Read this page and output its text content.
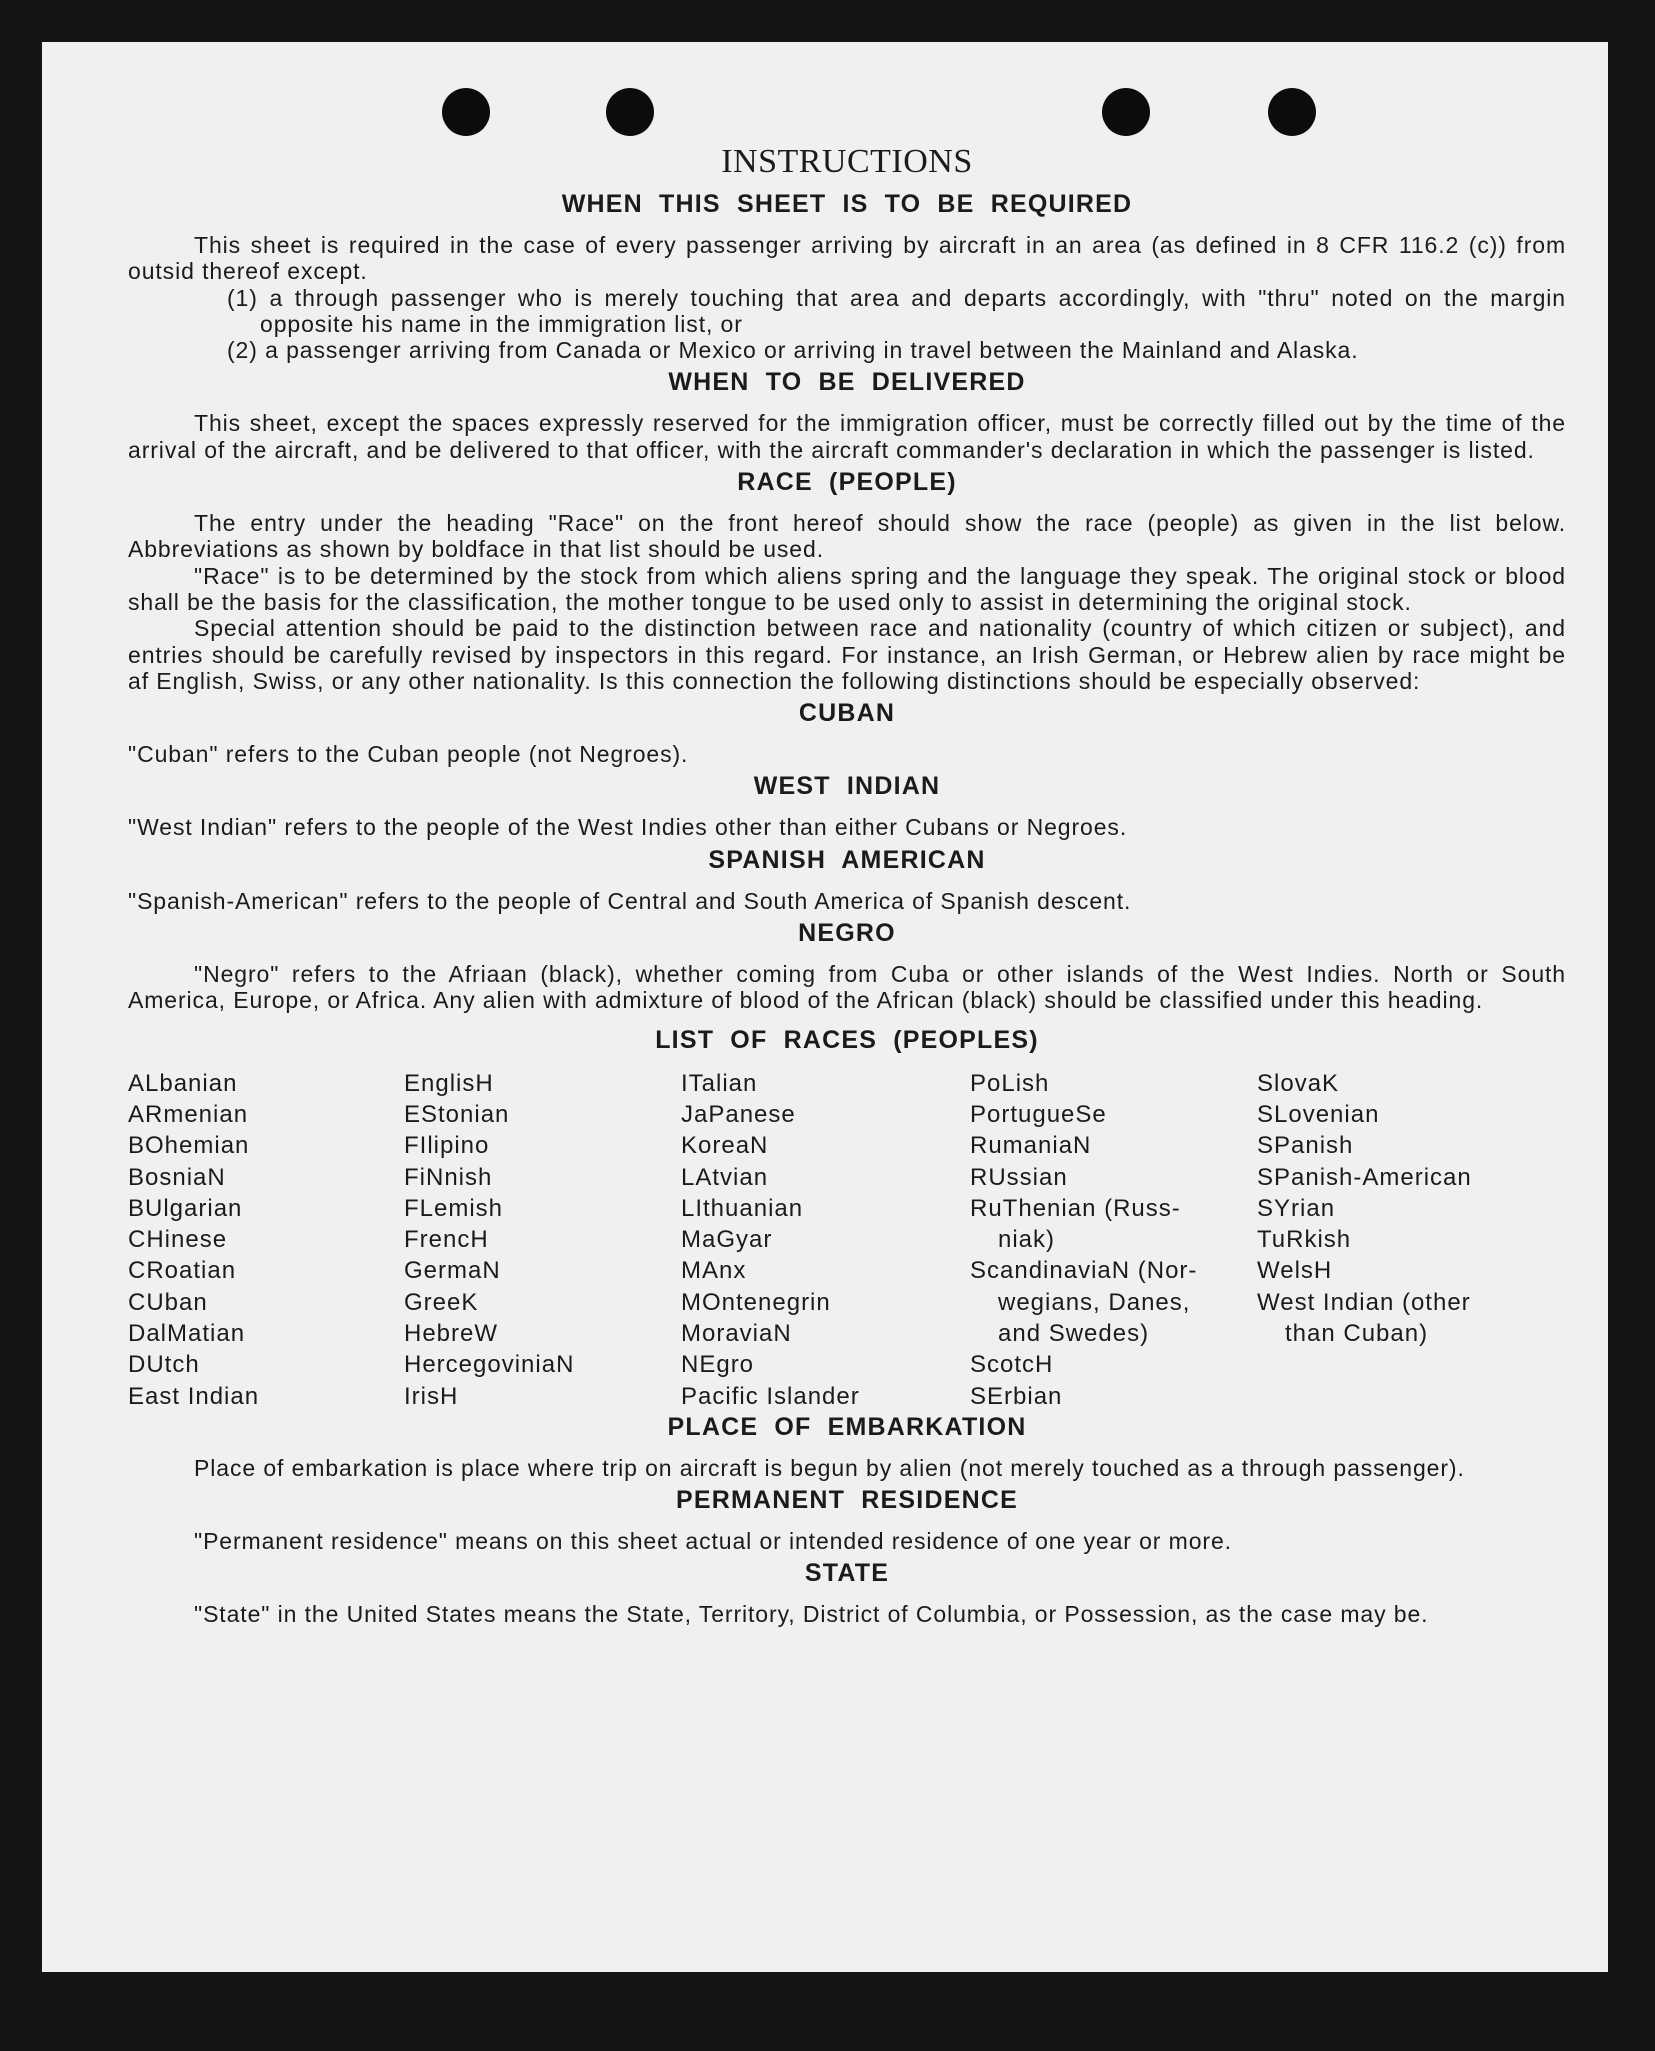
INSTRUCTIONS
WHEN THIS SHEET IS TO BE REQUIRED

This sheet is required in the case of every passenger arriving by aircraft in an area (as defined in 8 CFR 116.2 (c)) from outsid thereof except.

(1) a through passenger who is merely touching that area and departs accordingly, with "thru" noted on the margin opposite his name in the immigration list, or
(2) a passenger arriving from Canada or Mexico or arriving in travel between the Mainland and Alaska.
WHEN TO BE DELIVERED

This sheet, except the spaces expressly reserved for the immigration officer, must be correctly filled out by the time of the arrival of the aircraft, and be delivered to that officer, with the aircraft commander's declaration in which the passenger is listed.

RACE (PEOPLE)

The entry under the heading "Race" on the front hereof should show the race (people) as given in the list below. Abbreviations as shown by boldface in that list should be used.

"Race" is to be determined by the stock from which aliens spring and the language they speak. The original stock or blood shall be the basis for the classification, the mother tongue to be used only to assist in determining the original stock.

Special attention should be paid to the distinction between race and nationality (country of which citizen or subject), and entries should be carefully revised by inspectors in this regard. For instance, an Irish German, or Hebrew alien by race might be af English, Swiss, or any other nationality. Is this connection the following distinctions should be especially observed:

CUBAN

"Cuban" refers to the Cuban people (not Negroes).

WEST INDIAN

"West Indian" refers to the people of the West Indies other than either Cubans or Negroes.

SPANISH AMERICAN

"Spanish-American" refers to the people of Central and South America of Spanish descent.

NEGRO

"Negro" refers to the Afriaan (black), whether coming from Cuba or other islands of the West Indies. North or South America, Europe, or Africa. Any alien with admixture of blood of the African (black) should be classified under this heading.

LIST OF RACES (PEOPLES)
ALbanian
ARmenian
BOhemian
BosniaN
BUlgarian
CHinese
CRoatian
CUban
DalMatian
DUtch
East Indian
EnglisH
EStonian
FIlipino
FiNnish
FLemish
FrencH
GermaN
GreeK
HebreW
HercegoviniaN
IrisH
ITalian
JaPanese
KoreaN
LAtvian
LIthuanian
MaGyar
MAnx
MOntenegrin
MoraviaN
NEgro
Pacific Islander
PoLish
PortugueSe
RumaniaN
RUssian
RuThenian (Russ-
niak)
ScandinaviaN (Nor-
wegians, Danes,
and Swedes)
ScotcH
SErbian
SlovaK
SLovenian
SPanish
SPanish-American
SYrian
TuRkish
WelsH
West Indian (other
than Cuban)
PLACE OF EMBARKATION

Place of embarkation is place where trip on aircraft is begun by alien (not merely touched as a through passenger).

PERMANENT RESIDENCE

"Permanent residence" means on this sheet actual or intended residence of one year or more.

STATE

"State" in the United States means the State, Territory, District of Columbia, or Possession, as the case may be.
